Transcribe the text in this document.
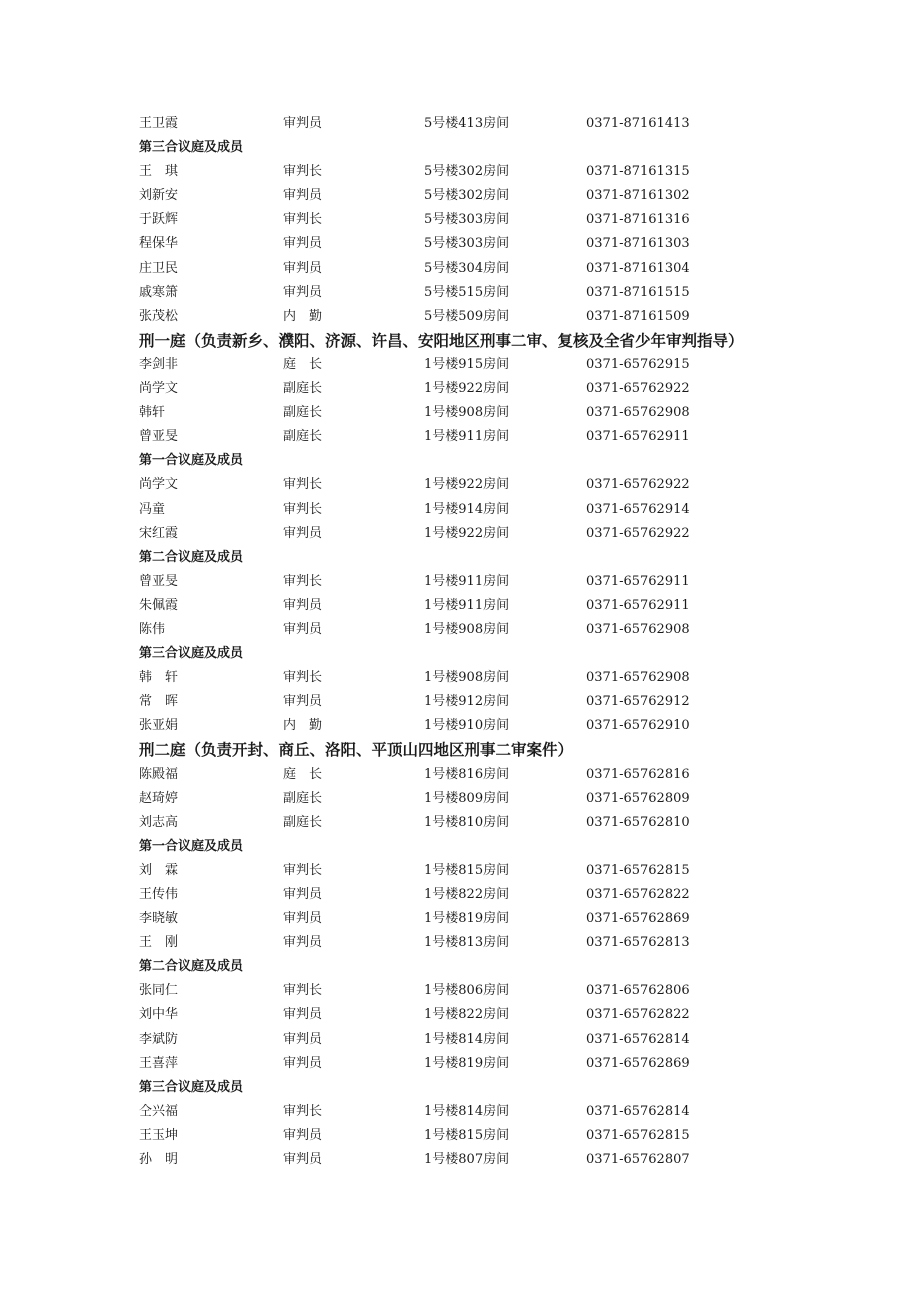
王卫霞	审判员	5号楼413房间	0371-87161413
第三合议庭及成员
王　琪	审判长	5号楼302房间	0371-87161315
刘新安	审判员	5号楼302房间	0371-87161302
于跃辉	审判长	5号楼303房间	0371-87161316
程保华	审判员	5号楼303房间	0371-87161303
庄卫民	审判员	5号楼304房间	0371-87161304
戚寒箫	审判员	5号楼515房间	0371-87161515
张茂松	内　勤	5号楼509房间	0371-87161509
刑一庭（负责新乡、濮阳、济源、许昌、安阳地区刑事二审、复核及全省少年审判指导）
李剑非	庭　长	1号楼915房间	0371-65762915
尚学文	副庭长	1号楼922房间	0371-65762922
韩轩	副庭长	1号楼908房间	0371-65762908
曾亚旻	副庭长	1号楼911房间	0371-65762911
第一合议庭及成员
尚学文	审判长	1号楼922房间	0371-65762922
冯童	审判长	1号楼914房间	0371-65762914
宋红霞	审判员	1号楼922房间	0371-65762922
第二合议庭及成员
曾亚旻	审判长	1号楼911房间	0371-65762911
朱佩霞	审判员	1号楼911房间	0371-65762911
陈伟	审判员	1号楼908房间	0371-65762908
第三合议庭及成员
韩　轩	审判长	1号楼908房间	0371-65762908
常　晖	审判员	1号楼912房间	0371-65762912
张亚娟	内　勤	1号楼910房间	0371-65762910
刑二庭（负责开封、商丘、洛阳、平顶山四地区刑事二审案件）
陈殿福	庭　长	1号楼816房间	0371-65762816
赵琦婷	副庭长	1号楼809房间	0371-65762809
刘志高	副庭长	1号楼810房间	0371-65762810
第一合议庭及成员
刘　霖	审判长	1号楼815房间	0371-65762815
王传伟	审判员	1号楼822房间	0371-65762822
李晓敏	审判员	1号楼819房间	0371-65762869
王　刚	审判员	1号楼813房间	0371-65762813
第二合议庭及成员
张同仁	审判长	1号楼806房间	0371-65762806
刘中华	审判员	1号楼822房间	0371-65762822
李斌防	审判员	1号楼814房间	0371-65762814
王喜萍	审判员	1号楼819房间	0371-65762869
第三合议庭及成员
仝兴福	审判长	1号楼814房间	0371-65762814
王玉坤	审判员	1号楼815房间	0371-65762815
孙　明	审判员	1号楼807房间	0371-65762807
